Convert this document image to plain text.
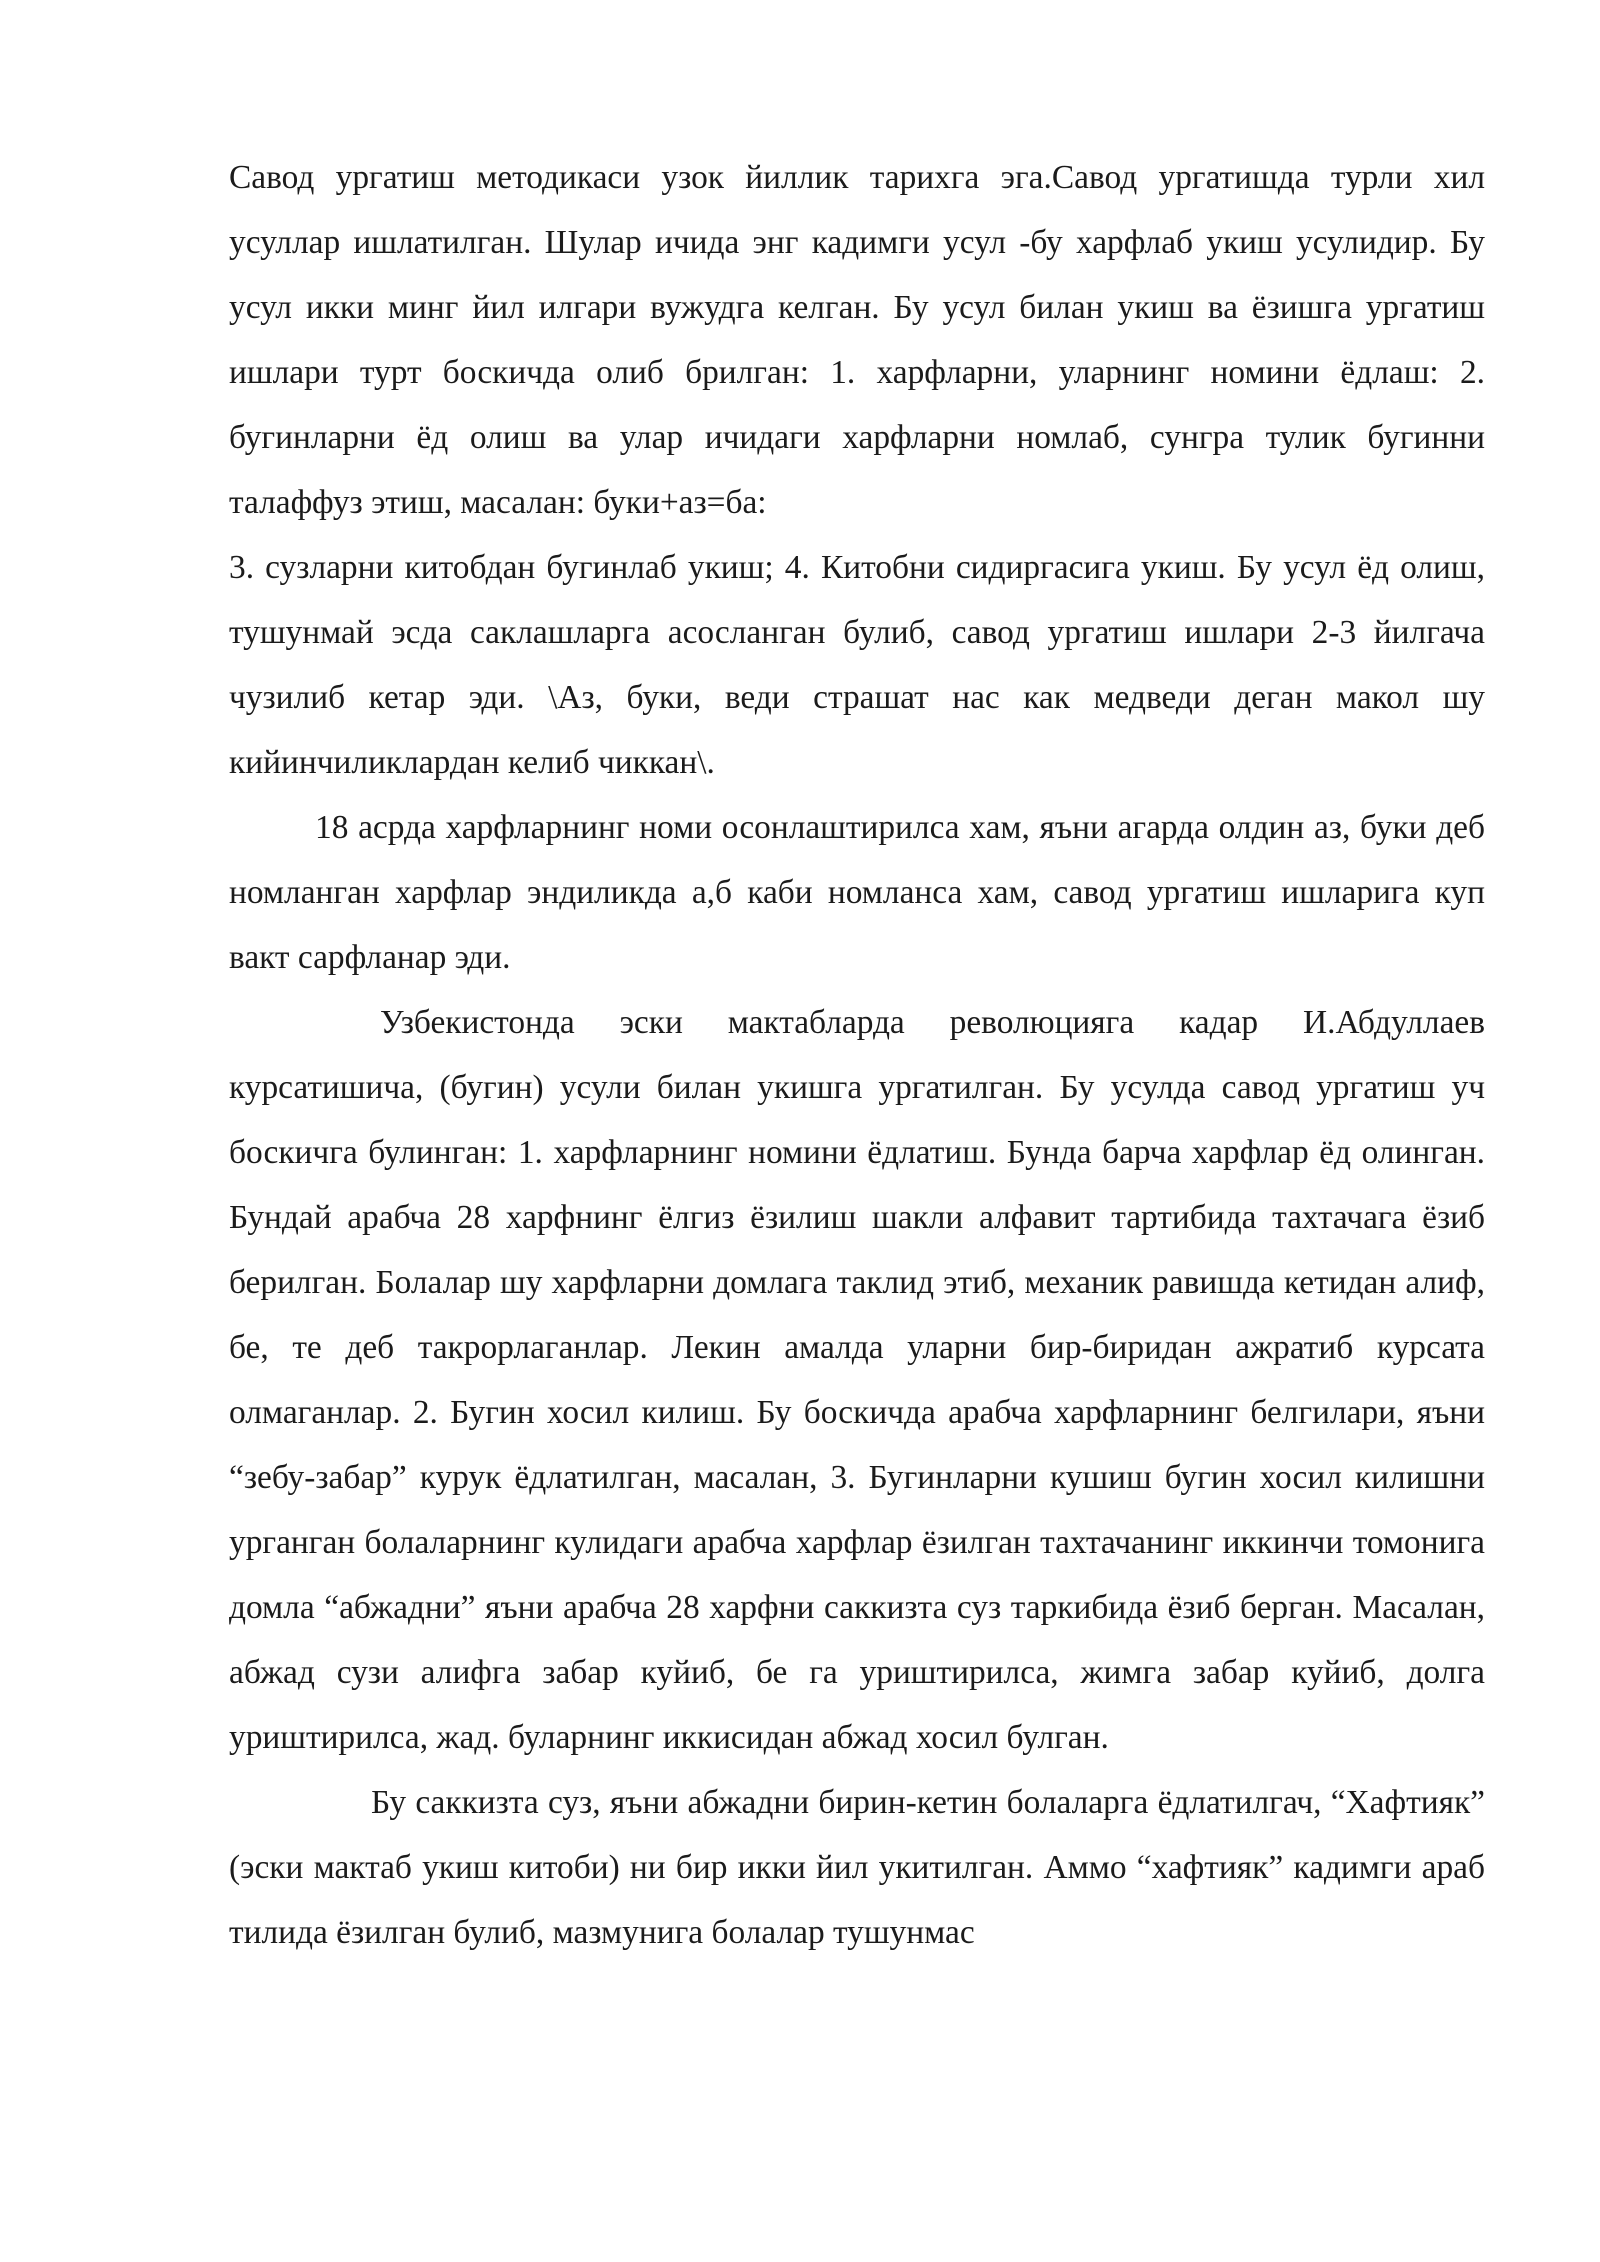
Савод ургатиш методикаси узок йиллик тарихга эга.Савод ургатишда турли хил усуллар ишлатилган. Шулар ичида энг кадимги усул -бу харфлаб укиш усулидир. Бу усул икки минг йил илгари вужудга келган. Бу усул билан укиш ва ёзишга ургатиш ишлари турт боскичда олиб брилган: 1. харфларни, уларнинг номини ёдлаш: 2. бугинларни ёд олиш ва улар ичидаги харфларни номлаб, сунгра тулик бугинни талаффуз этиш, масалан: буки+аз=ба:

3. сузларни китобдан бугинлаб укиш; 4. Китобни сидиргасига укиш. Бу усул ёд олиш, тушунмай эсда саклашларга асосланган булиб, савод ургатиш ишлари 2-3 йилгача чузилиб кетар эди. \Аз, буки, веди страшат нас как медведи деган макол шу кийинчиликлардан келиб чиккан\.

18 асрда харфларнинг номи осонлаштирилса хам, яъни агарда олдин аз, буки деб номланган харфлар эндиликда а,б каби номланса хам, савод ургатиш ишларига куп вакт сарфланар эди.

Узбекистонда эски мактабларда революцияга кадар И.Абдуллаев курсатишича, (бугин) усули билан укишга ургатилган. Бу усулда савод ургатиш уч боскичга булинган: 1. харфларнинг номини ёдлатиш. Бунда барча харфлар ёд олинган. Бундай арабча 28 харфнинг ёлгиз ёзилиш шакли алфавит тартибида тахтачага ёзиб берилган. Болалар шу харфларни домлага таклид этиб, механик равишда кетидан алиф, бе, те деб такрорлаганлар. Лекин амалда уларни бир-биридан ажратиб курсата олмаганлар. 2. Бугин хосил килиш. Бу боскичда арабча харфларнинг белгилари, яъни “зебу-забар” курук ёдлатилган, масалан, 3. Бугинларни кушиш бугин хосил килишни урганган болаларнинг кулидаги арабча харфлар ёзилган тахтачанинг иккинчи томонига домла “абжадни” яъни арабча 28 харфни саккизта суз таркибида ёзиб берган. Масалан, абжад сузи алифга забар куйиб, бе га уриштирилса, жимга забар куйиб, долга уриштирилса, жад. буларнинг иккисидан абжад хосил булган.

Бу саккизта суз, яъни абжадни бирин-кетин болаларга ёдлатилгач, “Хафтияк” (эски мактаб укиш китоби) ни бир икки йил укитилган. Аммо “хафтияк” кадимги араб тилида ёзилган булиб, мазмунига болалар тушунмас
